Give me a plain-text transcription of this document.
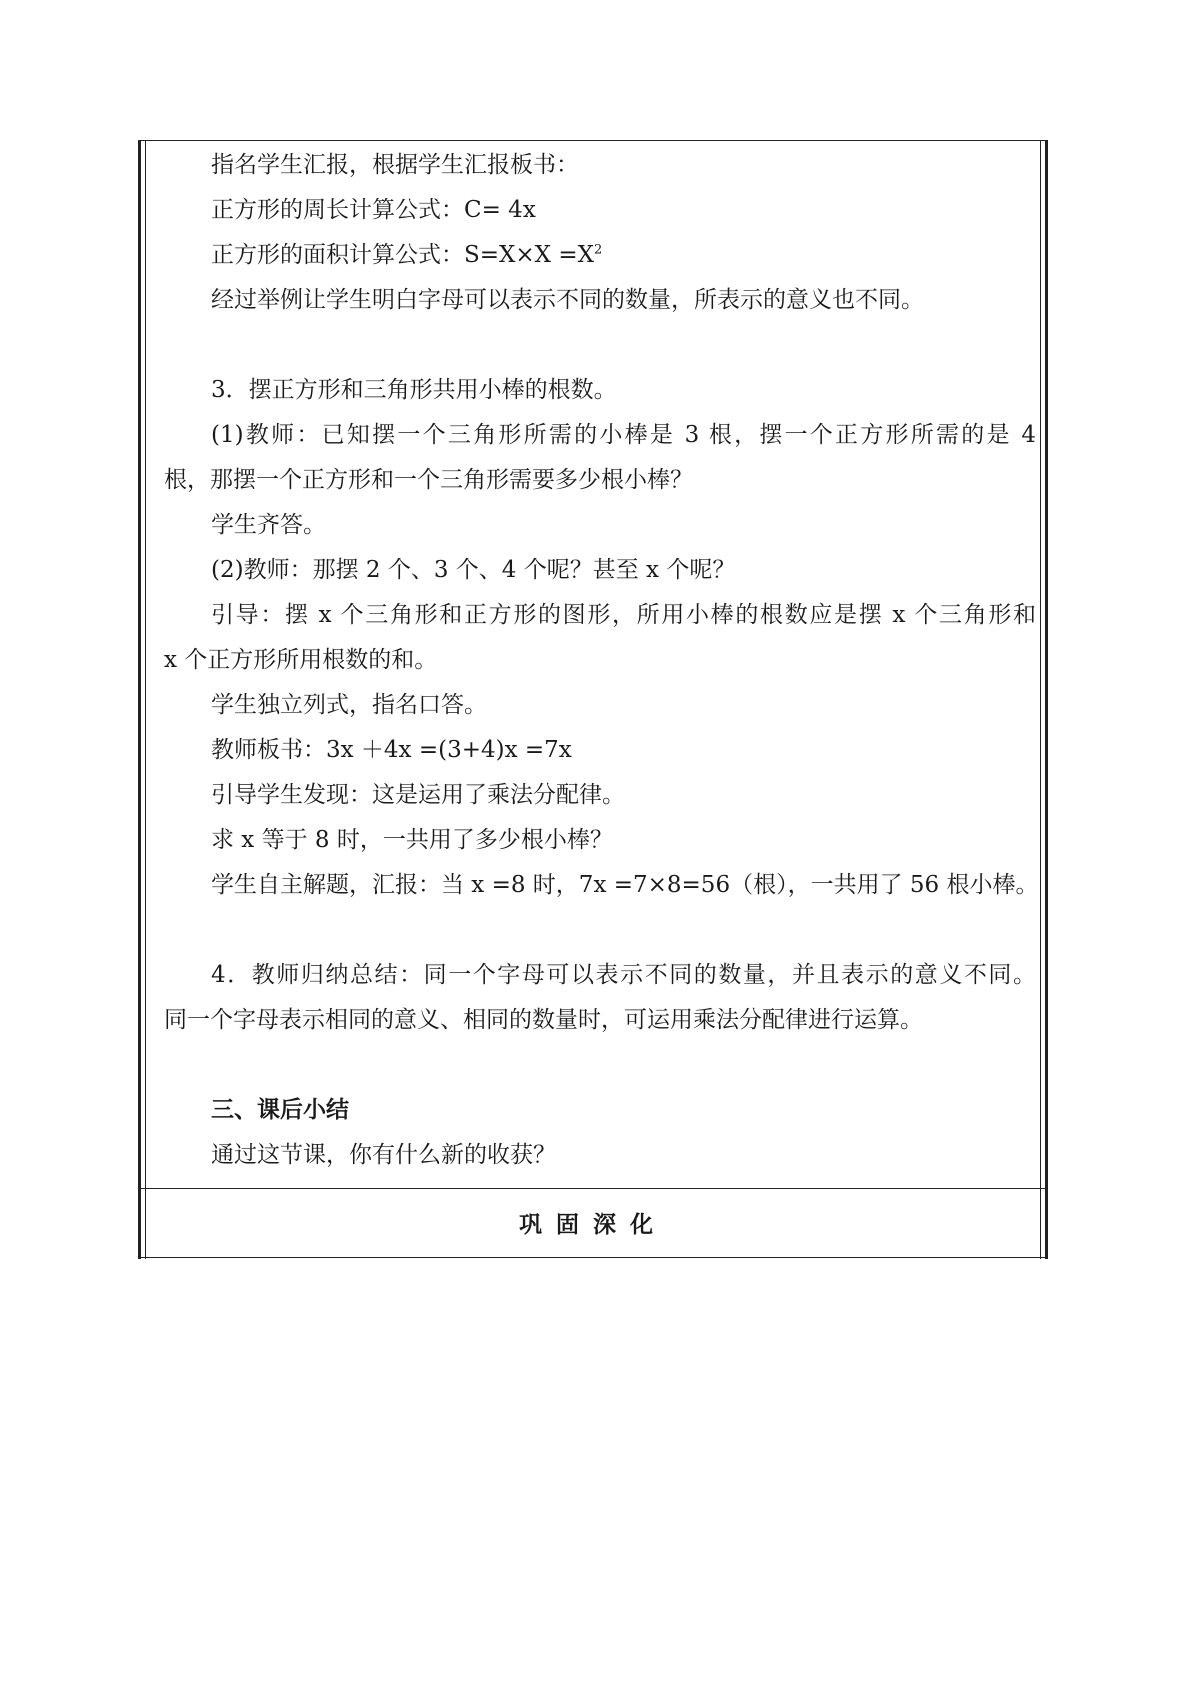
指名学生汇报，根据学生汇报板书：

正方形的周长计算公式：C= 4x

正方形的面积计算公式：$S=X\times X =X^2$

经过举例让学生明白字母可以表示不同的数量，所表示的意义也不同。

3．摆正方形和三角形共用小棒的根数。

(1)教师：已知摆一个三角形所需的小棒是 3 根，摆一个正方形所需的是 4

根，那摆一个正方形和一个三角形需要多少根小棒？

学生齐答。

(2)教师：那摆 2 个、3 个、4 个呢？甚至 x 个呢？

引导：摆 x 个三角形和正方形的图形，所用小棒的根数应是摆 x 个三角形和

x 个正方形所用根数的和。

学生独立列式，指名口答。

教师板书：3x ＋4x =(3+4)x =7x

引导学生发现：这是运用了乘法分配律。

求 x 等于 8 时，一共用了多少根小棒？

学生自主解题，汇报：当 x =8 时，7x =7×8=56（根），一共用了 56 根小棒。

4．教师归纳总结：同一个字母可以表示不同的数量，并且表示的意义不同。

同一个字母表示相同的意义、相同的数量时，可运用乘法分配律进行运算。

三、课后小结

通过这节课，你有什么新的收获？

巩固深化
